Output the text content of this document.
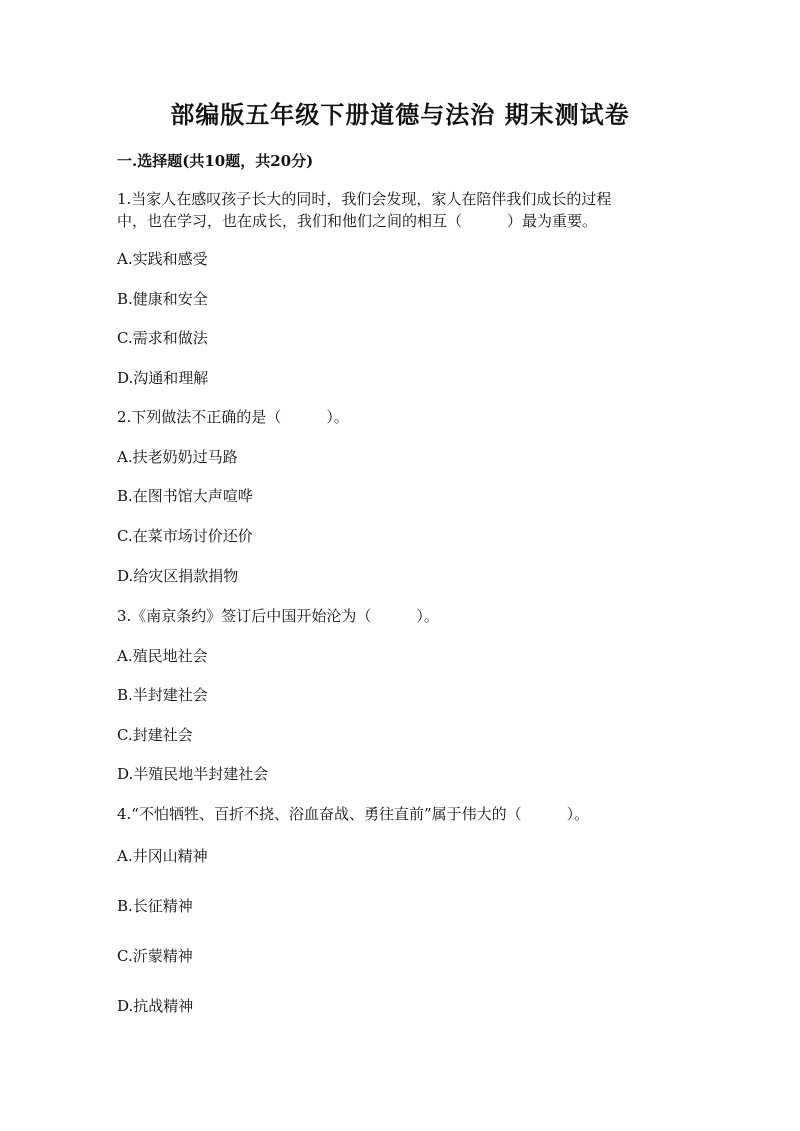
部编版五年级下册道德与法治 期末测试卷
一.选择题(共10题，共20分)
1.当家人在感叹孩子长大的同时，我们会发现，家人在陪伴我们成长的过程
中，也在学习，也在成长，我们和他们之间的相互（　　　）最为重要。
A.实践和感受
B.健康和安全
C.需求和做法
D.沟通和理解
2.下列做法不正确的是（　　　）。
A.扶老奶奶过马路
B.在图书馆大声喧哗
C.在菜市场讨价还价
D.给灾区捐款捐物
3.《南京条约》签订后中国开始沦为（　　　）。
A.殖民地社会
B.半封建社会
C.封建社会
D.半殖民地半封建社会
4.“不怕牺牲、百折不挠、浴血奋战、勇往直前”属于伟大的（　　　）。
A.井冈山精神
B.长征精神
C.沂蒙精神
D.抗战精神
